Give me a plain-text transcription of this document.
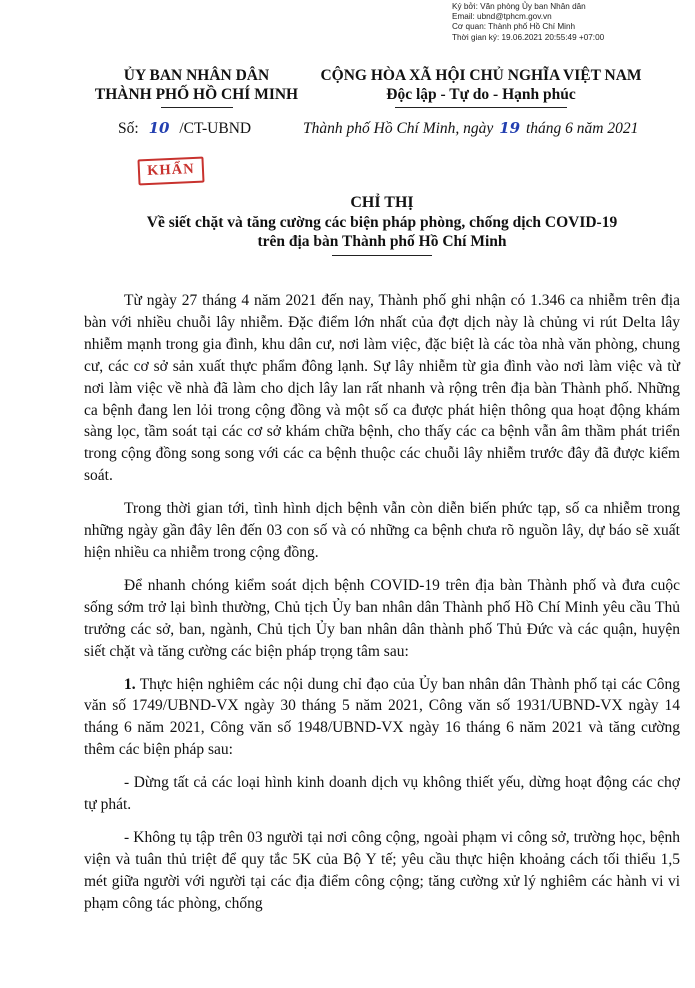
Ký bởi: Văn phòng Ủy ban Nhân dân
Email: ubnd@tphcm.gov.vn
Cơ quan: Thành phố Hồ Chí Minh
Thời gian ký: 19.06.2021 20:55:49 +07:00

ỦY BAN NHÂN DÂN

THÀNH PHỐ HỒ CHÍ MINH

CỘNG HÒA XÃ HỘI CHỦ NGHĨA VIỆT NAM

Độc lập - Tự do - Hạnh phúc

Số: 10 /CT-UBND	Thành phố Hồ Chí Minh, ngày 19 tháng 6 năm 2021
KHẨN

CHỈ THỊ

Về siết chặt và tăng cường các biện pháp phòng, chống dịch COVID-19

trên địa bàn Thành phố Hồ Chí Minh

Từ ngày 27 tháng 4 năm 2021 đến nay, Thành phố ghi nhận có 1.346 ca nhiễm trên địa bàn với nhiều chuỗi lây nhiễm. Đặc điểm lớn nhất của đợt dịch này là chủng vi rút Delta lây nhiễm mạnh trong gia đình, khu dân cư, nơi làm việc, đặc biệt là các tòa nhà văn phòng, chung cư, các cơ sở sản xuất thực phẩm đông lạnh. Sự lây nhiễm từ gia đình vào nơi làm việc và từ nơi làm việc về nhà đã làm cho dịch lây lan rất nhanh và rộng trên địa bàn Thành phố. Những ca bệnh đang len lỏi trong cộng đồng và một số ca được phát hiện thông qua hoạt động khám sàng lọc, tầm soát tại các cơ sở khám chữa bệnh, cho thấy các ca bệnh vẫn âm thầm phát triển trong cộng đồng song song với các ca bệnh thuộc các chuỗi lây nhiễm trước đây đã được kiểm soát.

Trong thời gian tới, tình hình dịch bệnh vẫn còn diễn biến phức tạp, số ca nhiễm trong những ngày gần đây lên đến 03 con số và có những ca bệnh chưa rõ nguồn lây, dự báo sẽ xuất hiện nhiều ca nhiễm trong cộng đồng.

Để nhanh chóng kiểm soát dịch bệnh COVID-19 trên địa bàn Thành phố và đưa cuộc sống sớm trở lại bình thường, Chủ tịch Ủy ban nhân dân Thành phố Hồ Chí Minh yêu cầu Thủ trưởng các sở, ban, ngành, Chủ tịch Ủy ban nhân dân thành phố Thủ Đức và các quận, huyện siết chặt và tăng cường các biện pháp trọng tâm sau:

1. Thực hiện nghiêm các nội dung chỉ đạo của Ủy ban nhân dân Thành phố tại các Công văn số 1749/UBND-VX ngày 30 tháng 5 năm 2021, Công văn số 1931/UBND-VX ngày 14 tháng 6 năm 2021, Công văn số 1948/UBND-VX ngày 16 tháng 6 năm 2021 và tăng cường thêm các biện pháp sau:

- Dừng tất cả các loại hình kinh doanh dịch vụ không thiết yếu, dừng hoạt động các chợ tự phát.

- Không tụ tập trên 03 người tại nơi công cộng, ngoài phạm vi công sở, trường học, bệnh viện và tuân thủ triệt để quy tắc 5K của Bộ Y tế; yêu cầu thực hiện khoảng cách tối thiểu 1,5 mét giữa người với người tại các địa điểm công cộng; tăng cường xử lý nghiêm các hành vi vi phạm công tác phòng, chống
